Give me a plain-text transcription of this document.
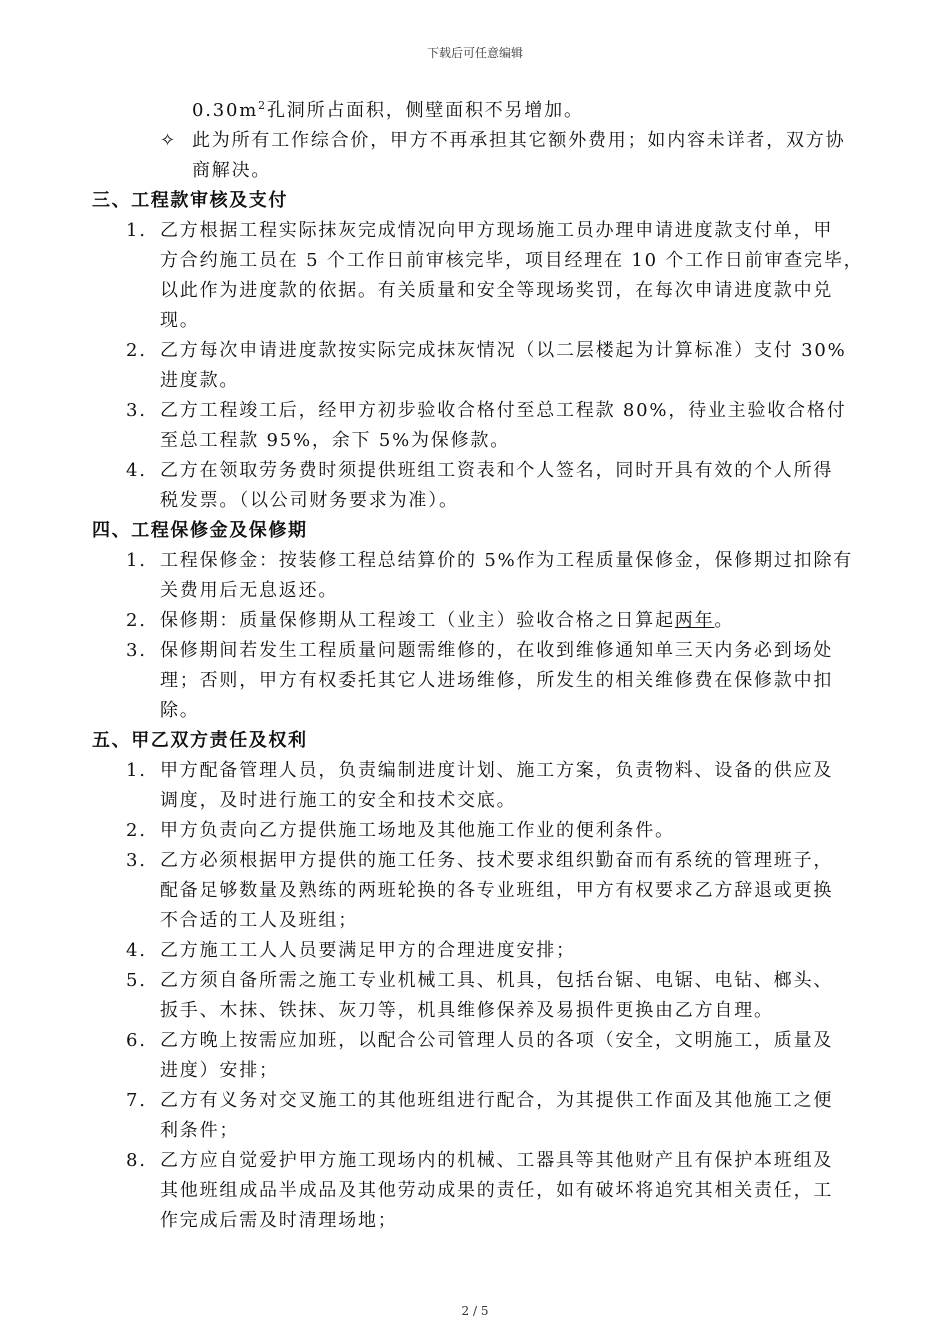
下载后可任意编辑
$0.30m^2$孔洞所占面积，侧壁面积不另增加。
✧ 此为所有工作综合价，甲方不再承担其它额外费用；如内容未详者，双方协
商解决。
三、工程款审核及支付
1. 乙方根据工程实际抹灰完成情况向甲方现场施工员办理申请进度款支付单，甲
方合约施工员在 5 个工作日前审核完毕，项目经理在 10 个工作日前审查完毕，
以此作为进度款的依据。有关质量和安全等现场奖罚，在每次申请进度款中兑
现。
2. 乙方每次申请进度款按实际完成抹灰情况（以二层楼起为计算标准）支付 30%
进度款。
3. 乙方工程竣工后，经甲方初步验收合格付至总工程款 80%，待业主验收合格付
至总工程款 95%，余下 5%为保修款。
4. 乙方在领取劳务费时须提供班组工资表和个人签名，同时开具有效的个人所得
税发票。（以公司财务要求为准）。
四、工程保修金及保修期
1. 工程保修金：按装修工程总结算价的 5%作为工程质量保修金，保修期过扣除有
关费用后无息返还。
2. 保修期：质量保修期从工程竣工（业主）验收合格之日算起两年。
3. 保修期间若发生工程质量问题需维修的，在收到维修通知单三天内务必到场处
理；否则，甲方有权委托其它人进场维修，所发生的相关维修费在保修款中扣
除。
五、甲乙双方责任及权利
1. 甲方配备管理人员，负责编制进度计划、施工方案，负责物料、设备的供应及
调度，及时进行施工的安全和技术交底。
2. 甲方负责向乙方提供施工场地及其他施工作业的便利条件。
3. 乙方必须根据甲方提供的施工任务、技术要求组织勤奋而有系统的管理班子，
配备足够数量及熟练的两班轮换的各专业班组，甲方有权要求乙方辞退或更换
不合适的工人及班组；
4. 乙方施工工人人员要满足甲方的合理进度安排；
5. 乙方须自备所需之施工专业机械工具、机具，包括台锯、电锯、电钻、榔头、
扳手、木抹、铁抹、灰刀等，机具维修保养及易损件更换由乙方自理。
6. 乙方晚上按需应加班，以配合公司管理人员的各项（安全，文明施工，质量及
进度）安排；
7. 乙方有义务对交叉施工的其他班组进行配合，为其提供工作面及其他施工之便
利条件；
8. 乙方应自觉爱护甲方施工现场内的机械、工器具等其他财产且有保护本班组及
其他班组成品半成品及其他劳动成果的责任，如有破坏将追究其相关责任，工
作完成后需及时清理场地；
2 / 5
